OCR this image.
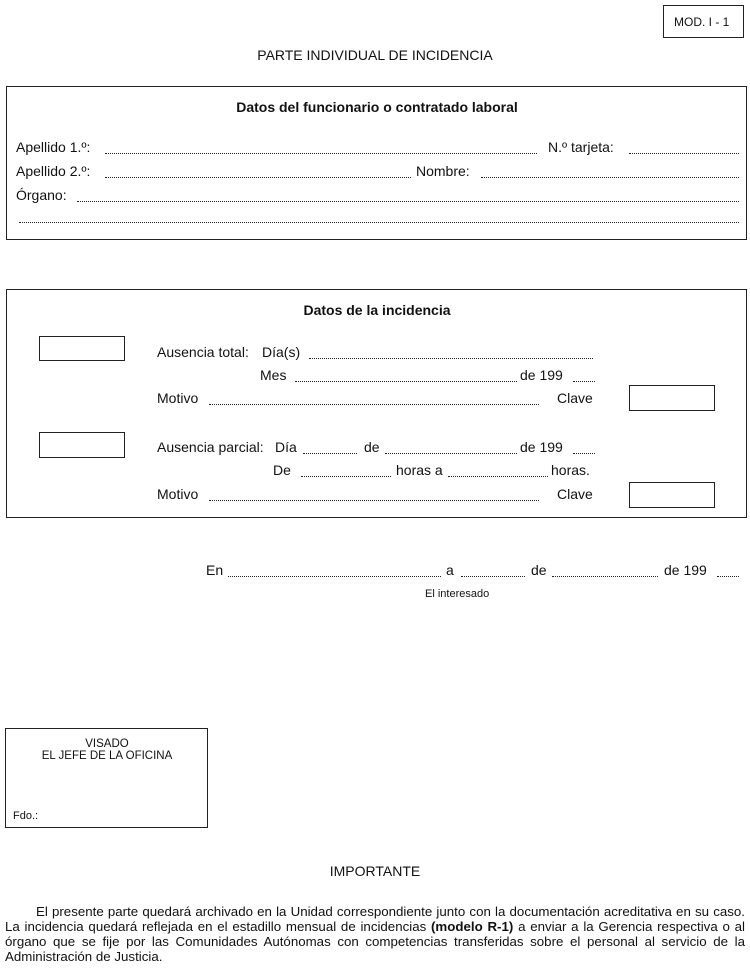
MOD. I - 1
PARTE INDIVIDUAL DE INCIDENCIA
Datos del funcionario o contratado laboral
Apellido 1.º:	N.º tarjeta:
Apellido 2.º:	Nombre:
Órgano:
Datos de la incidencia
Ausencia total: Día(s)
Mes	de 199
Motivo	Clave
Ausencia parcial: Día	de	de 199
De	horas a	horas.
Motivo	Clave
En	a	de	de 199
El interesado
VISADO
EL JEFE DE LA OFICINA
Fdo.:
IMPORTANTE
El presente parte quedará archivado en la Unidad correspondiente junto con la documentación acreditativa en su caso. La incidencia quedará reflejada en el estadillo mensual de incidencias (modelo R-1) a enviar a la Gerencia respectiva o al órgano que se fije por las Comunidades Autónomas con competencias transferidas sobre el personal al servicio de la Administración de Justicia.
